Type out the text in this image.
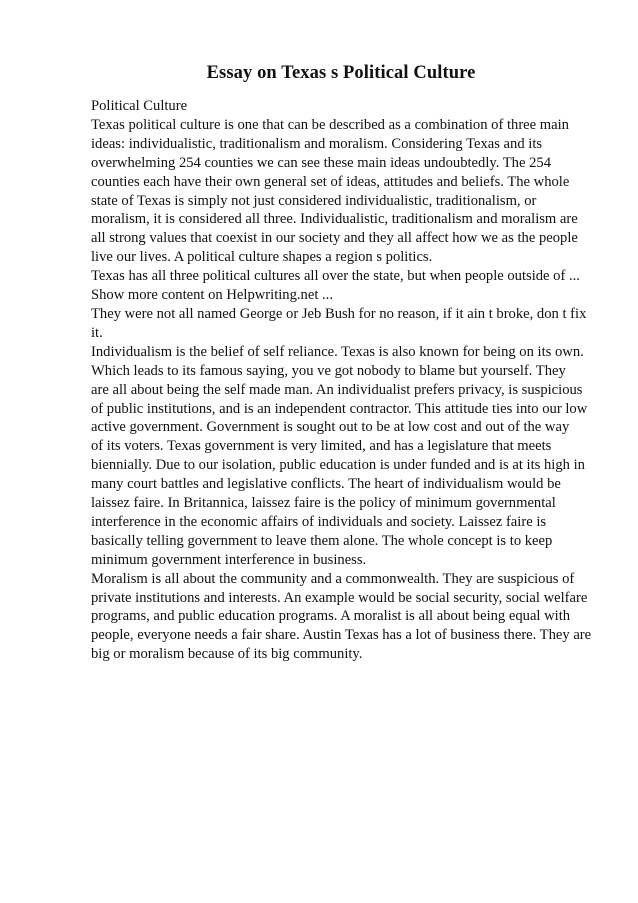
Essay on Texas s Political Culture
Political Culture
Texas political culture is one that can be described as a combination of three main
ideas: individualistic, traditionalism and moralism. Considering Texas and its
overwhelming 254 counties we can see these main ideas undoubtedly. The 254
counties each have their own general set of ideas, attitudes and beliefs. The whole
state of Texas is simply not just considered individualistic, traditionalism, or
moralism, it is considered all three. Individualistic, traditionalism and moralism are
all strong values that coexist in our society and they all affect how we as the people
live our lives. A political culture shapes a region s politics.
Texas has all three political cultures all over the state, but when people outside of ...
Show more content on Helpwriting.net ...
They were not all named George or Jeb Bush for no reason, if it ain t broke, don t fix
it.
Individualism is the belief of self reliance. Texas is also known for being on its own.
Which leads to its famous saying, you ve got nobody to blame but yourself. They
are all about being the self made man. An individualist prefers privacy, is suspicious
of public institutions, and is an independent contractor. This attitude ties into our low
active government. Government is sought out to be at low cost and out of the way
of its voters. Texas government is very limited, and has a legislature that meets
biennially. Due to our isolation, public education is under funded and is at its high in
many court battles and legislative conflicts. The heart of individualism would be
laissez faire. In Britannica, laissez faire is the policy of minimum governmental
interference in the economic affairs of individuals and society. Laissez faire is
basically telling government to leave them alone. The whole concept is to keep
minimum government interference in business.
Moralism is all about the community and a commonwealth. They are suspicious of
private institutions and interests. An example would be social security, social welfare
programs, and public education programs. A moralist is all about being equal with
people, everyone needs a fair share. Austin Texas has a lot of business there. They are
big or moralism because of its big community.
